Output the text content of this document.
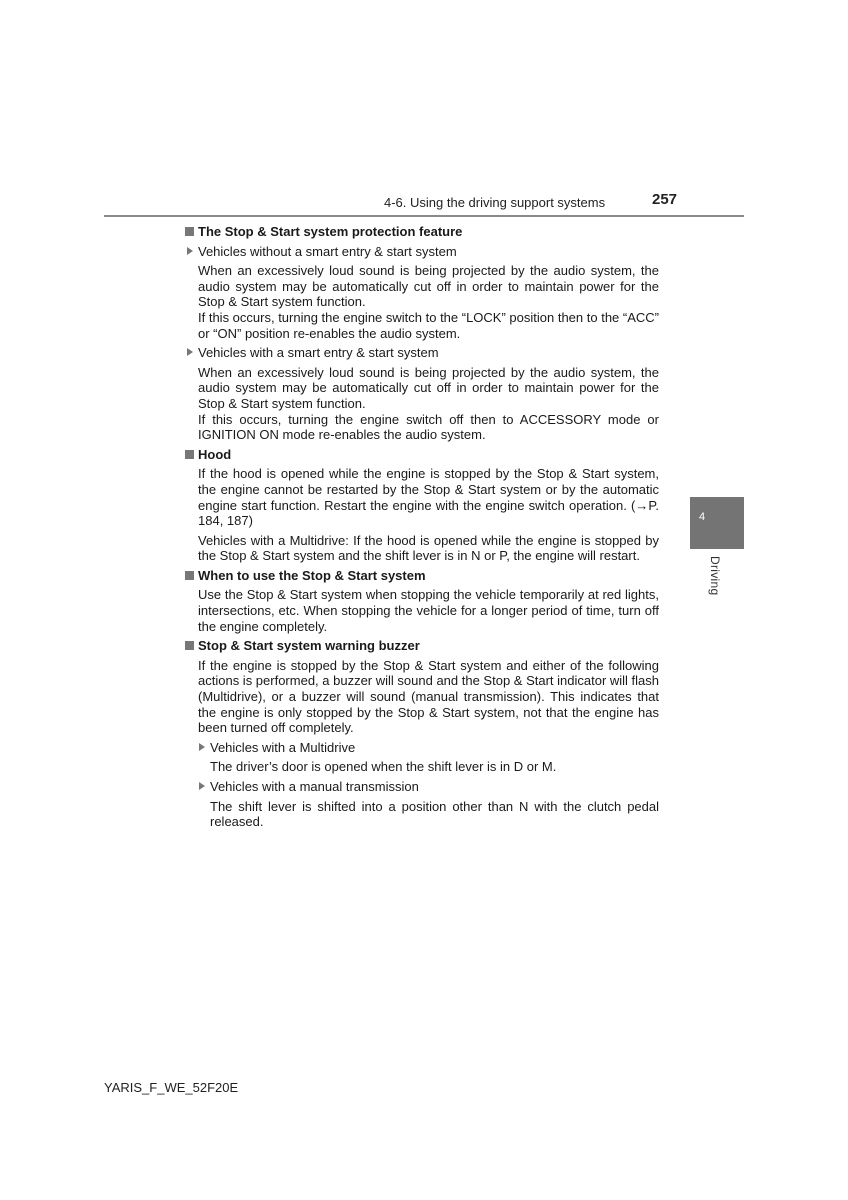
4-6. Using the driving support systems	257
4
Driving
The Stop & Start system protection feature
Vehicles without a smart entry & start system
When an excessively loud sound is being projected by the audio system, the audio system may be automatically cut off in order to maintain power for the Stop & Start system function.
If this occurs, turning the engine switch to the “LOCK” position then to the “ACC” or “ON” position re-enables the audio system.
Vehicles with a smart entry & start system
When an excessively loud sound is being projected by the audio system, the audio system may be automatically cut off in order to maintain power for the Stop & Start system function.
If this occurs, turning the engine switch off then to ACCESSORY mode or IGNITION ON mode re-enables the audio system.
Hood
If the hood is opened while the engine is stopped by the Stop & Start system, the engine cannot be restarted by the Stop & Start system or by the automatic engine start function. Restart the engine with the engine switch operation. (→P. 184, 187)
Vehicles with a Multidrive: If the hood is opened while the engine is stopped by the Stop & Start system and the shift lever is in N or P, the engine will restart.
When to use the Stop & Start system
Use the Stop & Start system when stopping the vehicle temporarily at red lights, intersections, etc. When stopping the vehicle for a longer period of time, turn off the engine completely.
Stop & Start system warning buzzer
If the engine is stopped by the Stop & Start system and either of the following actions is performed, a buzzer will sound and the Stop & Start indicator will flash (Multidrive), or a buzzer will sound (manual transmission). This indicates that the engine is only stopped by the Stop & Start system, not that the engine has been turned off completely.
Vehicles with a Multidrive
The driver’s door is opened when the shift lever is in D or M.
Vehicles with a manual transmission
The shift lever is shifted into a position other than N with the clutch pedal released.
YARIS_F_WE_52F20E
